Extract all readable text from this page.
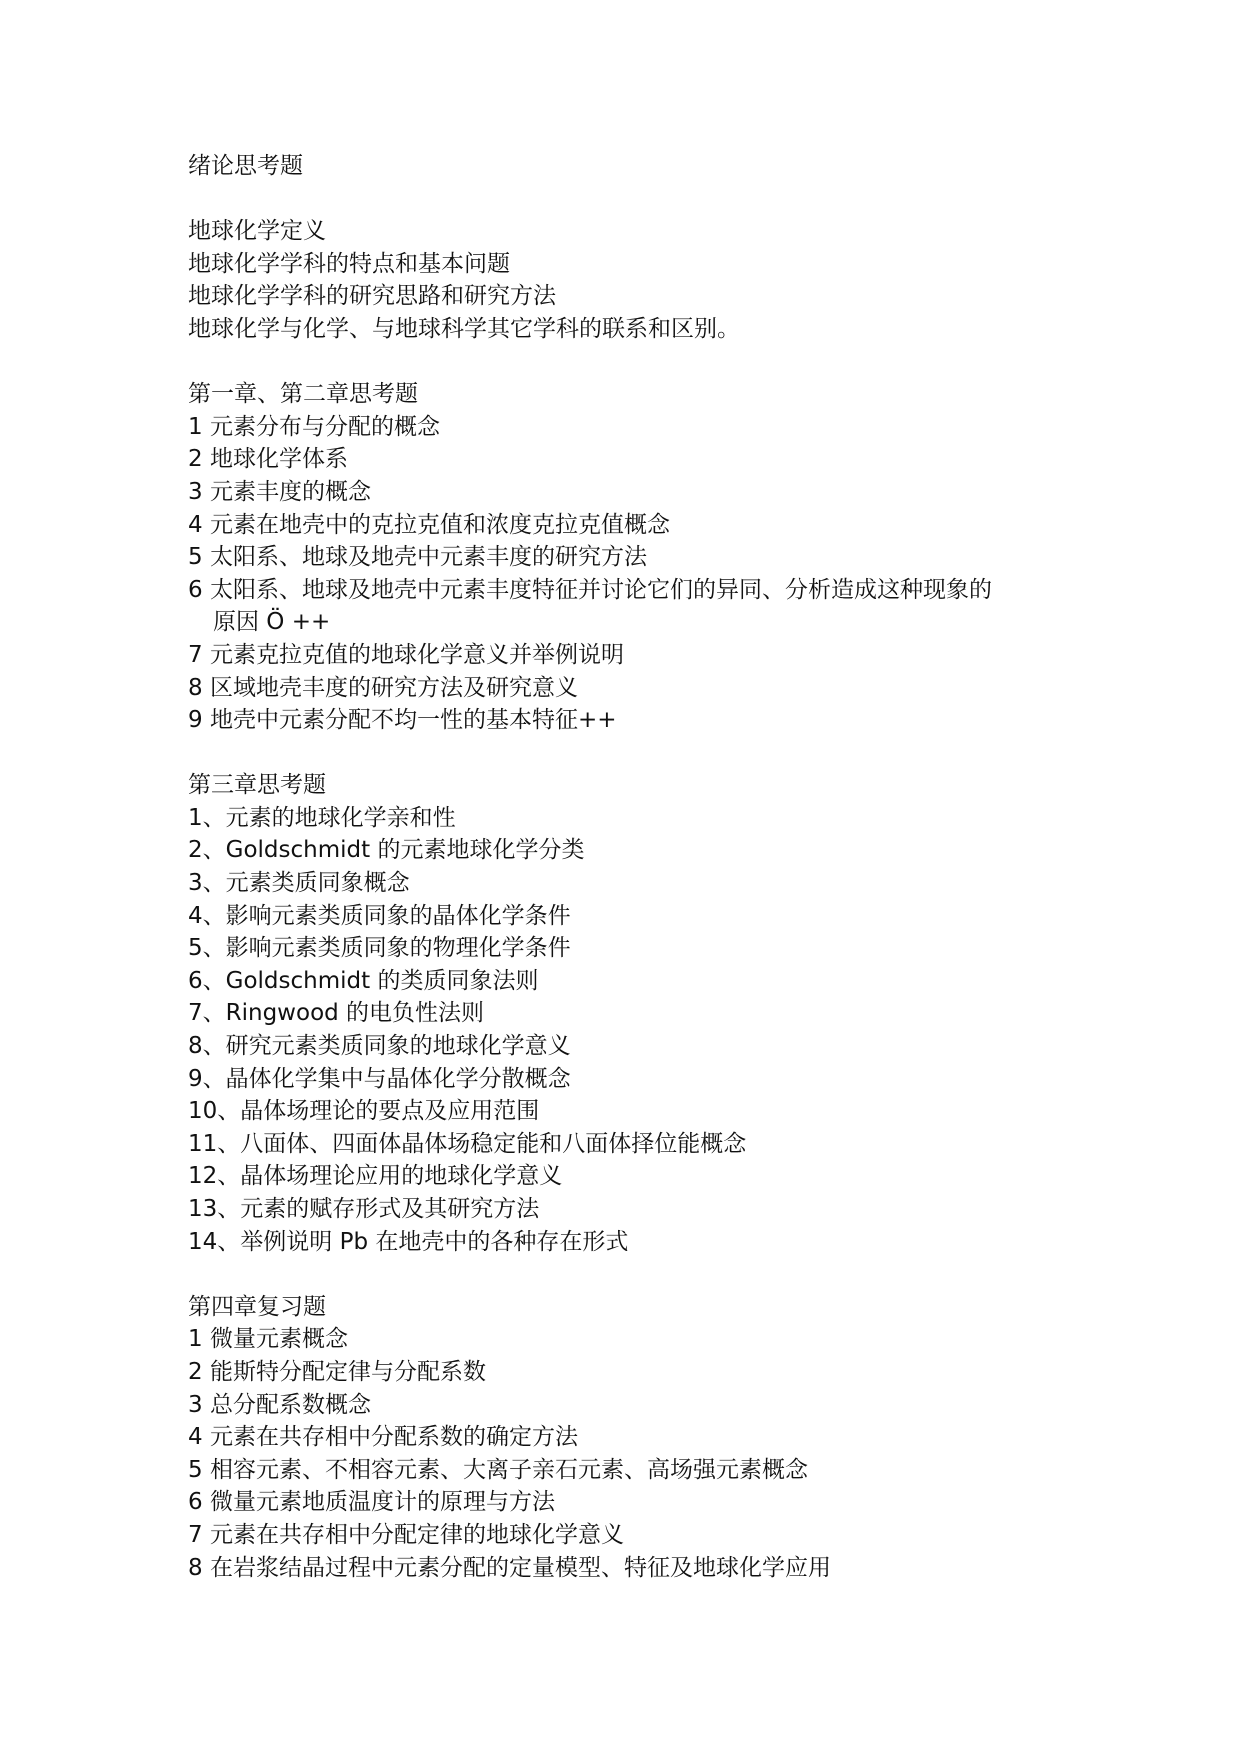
绪论思考题
地球化学定义
地球化学学科的特点和基本问题
地球化学学科的研究思路和研究方法
地球化学与化学、与地球科学其它学科的联系和区别。
第一章、第二章思考题
1 元素分布与分配的概念
2 地球化学体系
3 元素丰度的概念
4 元素在地壳中的克拉克值和浓度克拉克值概念
5 太阳系、地球及地壳中元素丰度的研究方法
6 太阳系、地球及地壳中元素丰度特征并讨论它们的异同、分析造成这种现象的
原因 Ö ++
7 元素克拉克值的地球化学意义并举例说明
8 区域地壳丰度的研究方法及研究意义
9 地壳中元素分配不均一性的基本特征++
第三章思考题
1、元素的地球化学亲和性
2、Goldschmidt 的元素地球化学分类
3、元素类质同象概念
4、影响元素类质同象的晶体化学条件
5、影响元素类质同象的物理化学条件
6、Goldschmidt 的类质同象法则
7、Ringwood 的电负性法则
8、研究元素类质同象的地球化学意义
9、晶体化学集中与晶体化学分散概念
10、晶体场理论的要点及应用范围
11、八面体、四面体晶体场稳定能和八面体择位能概念
12、晶体场理论应用的地球化学意义
13、元素的赋存形式及其研究方法
14、举例说明 Pb 在地壳中的各种存在形式
第四章复习题
1 微量元素概念
2 能斯特分配定律与分配系数
3 总分配系数概念
4 元素在共存相中分配系数的确定方法
5 相容元素、不相容元素、大离子亲石元素、高场强元素概念
6 微量元素地质温度计的原理与方法
7 元素在共存相中分配定律的地球化学意义
8 在岩浆结晶过程中元素分配的定量模型、特征及地球化学应用
